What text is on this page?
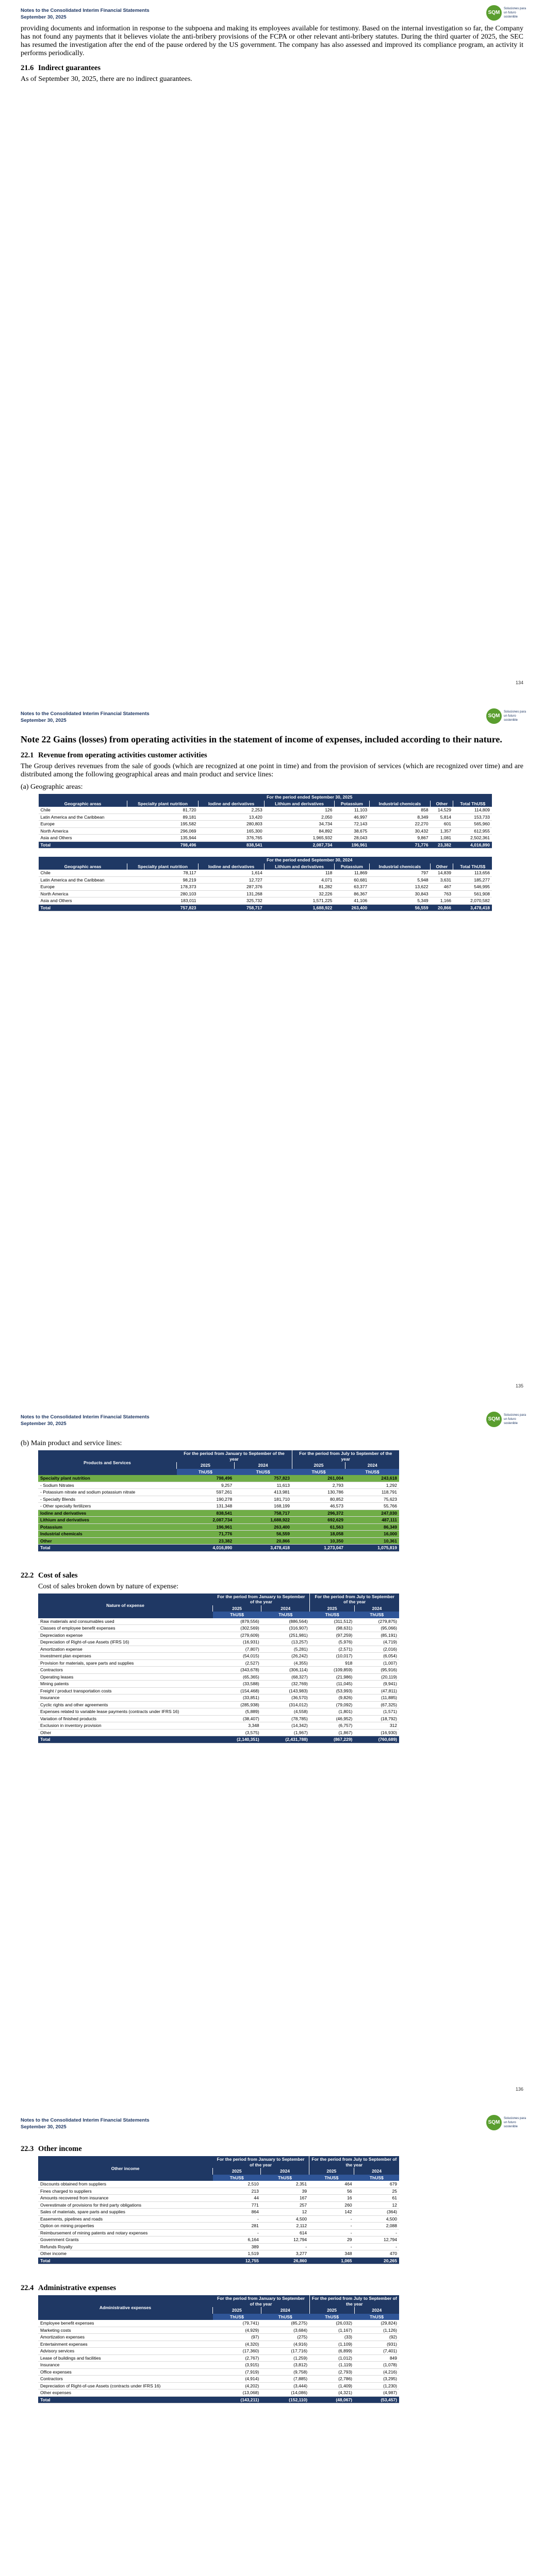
Notes to the Consolidated Interim Financial Statements
September 30, 2025
SQM
Soluciones para un futuro sostenible

providing documents and information in response to the subpoena and making its employees available for testimony. Based on the internal investigation so far, the Company has not found any payments that it believes violate the anti-bribery provisions of the FCPA or other relevant anti-bribery statutes. During the third quarter of 2025, the SEC has resumed the investigation after the end of the pause ordered by the US government. The company has also assessed and improved its compliance program, an activity it performs periodically.

21.6 Indirect guarantees

As of September 30, 2025, there are no indirect guarantees.

134
Notes to the Consolidated Interim Financial Statements
September 30, 2025
SQM
Soluciones para un futuro sostenible
Note 22 Gains (losses) from operating activities in the statement of income of expenses, included according to their nature.
22.1 Revenue from operating activities customer activities

The Group derives revenues from the sale of goods (which are recognized at one point in time) and from the provision of services (which are recognized over time) and are distributed among the following geographical areas and main product and service lines:

(a) Geographic areas:
	For the period ended September 30, 2025						
Geographic areas	Specialty plant nutrition	Iodine and derivatives	Lithium and derivatives	Potassium	Industrial chemicals	Other	Total ThUS$
Chile	81,720	2,253	126	11,103	858	14,529	114,809
Latin America and the Caribbean	89,181	13,420	2,050	46,997	8,349	5,814	153,733
Europe	195,582	280,803	34,734	72,143	22,270	601	565,960
North America	296,069	165,300	84,892	38,675	30,432	1,357	612,955
Asia and Others	135,944	376,765	1,965,932	28,043	9,867	1,081	2,502,361
Total	798,496	838,541	2,087,734	196,961	71,776	23,382	4,016,890
	For the period ended September 30, 2024						
Geographic areas	Specialty plant nutrition	Iodine and derivatives	Lithium and derivatives	Potassium	Industrial chemicals	Other	Total ThUS$
Chile	78,117	1,614	118	11,869	797	14,839	113,656
Latin America and the Caribbean	98,219	12,727	4,071	60,681	5,948	3,631	185,277
Europe	178,373	287,376	81,282	63,377	13,622	467	546,995
North America	280,103	131,268	32,226	86,367	30,843	763	561,908
Asia and Others	183,011	325,732	1,571,225	41,106	5,349	1,166	2,070,582
Total	757,823	758,717	1,688,922	263,400	56,559	20,866	3,478,418
135
Notes to the Consolidated Interim Financial Statements
September 30, 2025
SQM
Soluciones para un futuro sostenible
(b) Main product and service lines:
Products and Services	For the period from January to September of the year		For the period from July to September of the year	
	2025	2024	2025	2024
	ThUS$	ThUS$	ThUS$	ThUS$
Specialty plant nutrition	798,496	757,823	261,004	243,618
- Sodium Nitrates	9,257	11,613	2,793	1,292
- Potassium nitrate and sodium potassium nitrate	597,261	413,981	130,786	118,791
- Specialty Blends	190,278	181,710	80,852	75,623
- Other specialty fertilizers	131,348	168,199	46,573	55,766
Iodine and derivatives	838,541	758,717	296,372	247,030
Lithium and derivatives	2,087,734	1,688,922	692,629	487,111
Potassium	196,961	263,400	61,563	86,349
Industrial chemicals	71,776	56,559	18,058	16,000
Other	23,382	20,866	10,350	10,361
Total	4,016,890	3,478,418	1,273,047	1,075,819
22.2 Cost of sales
Cost of sales broken down by nature of expense:
Nature of expense	For the period from January to September of the year		For the period from July to September of the year	
	2025	2024	2025	2024
	ThUS$	ThUS$	ThUS$	ThUS$
Raw materials and consumables used	(879,556)	(886,564)	(311,512)	(279,875)
Classes of employee benefit expenses	(302,569)	(316,907)	(98,631)	(95,066)
Depreciation expense	(279,609)	(251,981)	(97,259)	(85,191)
Depreciation of Right-of-use Assets (IFRS 16)	(16,931)	(13,257)	(5,976)	(4,719)
Amortization expense	(7,807)	(5,281)	(2,571)	(2,016)
Investment plan expenses	(54,015)	(26,242)	(10,017)	(6,054)
Provision for materials, spare parts and supplies	(2,527)	(4,355)	918	(1,007)
Contractors	(343,678)	(306,114)	(109,859)	(95,916)
Operating leases	(65,365)	(68,327)	(21,986)	(20,119)
Mining patents	(33,588)	(32,769)	(11,045)	(9,941)
Freight / product transportation costs	(154,468)	(143,983)	(53,993)	(47,811)
Insurance	(33,851)	(36,570)	(9,826)	(11,885)
Cyclic rights and other agreements	(285,938)	(314,012)	(79,092)	(67,325)
Expenses related to variable lease payments (contracts under IFRS 16)	(5,889)	(4,558)	(1,801)	(1,571)
Variation of finished products	(38,407)	(78,785)	(46,952)	(18,792)
Exclusion in inventory provision	3,348	(14,342)	(6,757)	312
Other	(3,575)	(1,967)	(1,867)	(16,930)
Total	(2,140,351)	(2,431,788)	(867,229)	(760,689)
136
Notes to the Consolidated Interim Financial Statements
September 30, 2025
SQM
Soluciones para un futuro sostenible
22.3 Other income
Other income	For the period from January to September of the year		For the period from July to September of the year	
	2025	2024	2025	2024
	ThUS$	ThUS$	ThUS$	ThUS$
Discounts obtained from suppliers	2,510	2,351	464	679
Fines charged to suppliers	213	39	56	25
Amounts recovered from insurance	44	167	16	61
Overestimate of provisions for third party obligations	771	257	260	12
Sales of materials, spare parts and supplies	864	12	142	(364)
Easements, pipelines and roads	-	4,500	-	4,500
Option on mining properties	281	2,112	-	2,088
Reimbursement of mining patents and notary expenses	-	614	-	-
Government Grants	6,164	12,794	29	12,794
Refunds Royalty	389	-	-	-
Other income	1,519	3,277	348	470
Total	12,755	26,860	1,065	20,265
22.4 Administrative expenses
Administrative expenses	For the period from January to September of the year		For the period from July to September of the year	
	2025	2024	2025	2024
	ThUS$	ThUS$	ThUS$	ThUS$
Employee benefit expenses	(79,741)	(85,275)	(26,032)	(29,824)
Marketing costs	(4,929)	(3,684)	(1,167)	(1,126)
Amortization expenses	(97)	(275)	(33)	(92)
Entertainment expenses	(4,320)	(4,916)	(1,109)	(931)
Advisory services	(17,360)	(17,716)	(6,899)	(7,401)
Lease of buildings and facilities	(2,767)	(1,259)	(1,012)	849
Insurance	(3,915)	(3,812)	(1,119)	(1,078)
Office expenses	(7,919)	(9,758)	(2,793)	(4,216)
Contractors	(4,914)	(7,885)	(2,786)	(3,295)
Depreciation of Right-of-use Assets (contracts under IFRS 16)	(4,202)	(3,444)	(1,409)	(1,230)
Other expenses	(13,068)	(14,086)	(4,321)	(4,987)
Total	(143,211)	(152,110)	(48,067)	(53,457)
